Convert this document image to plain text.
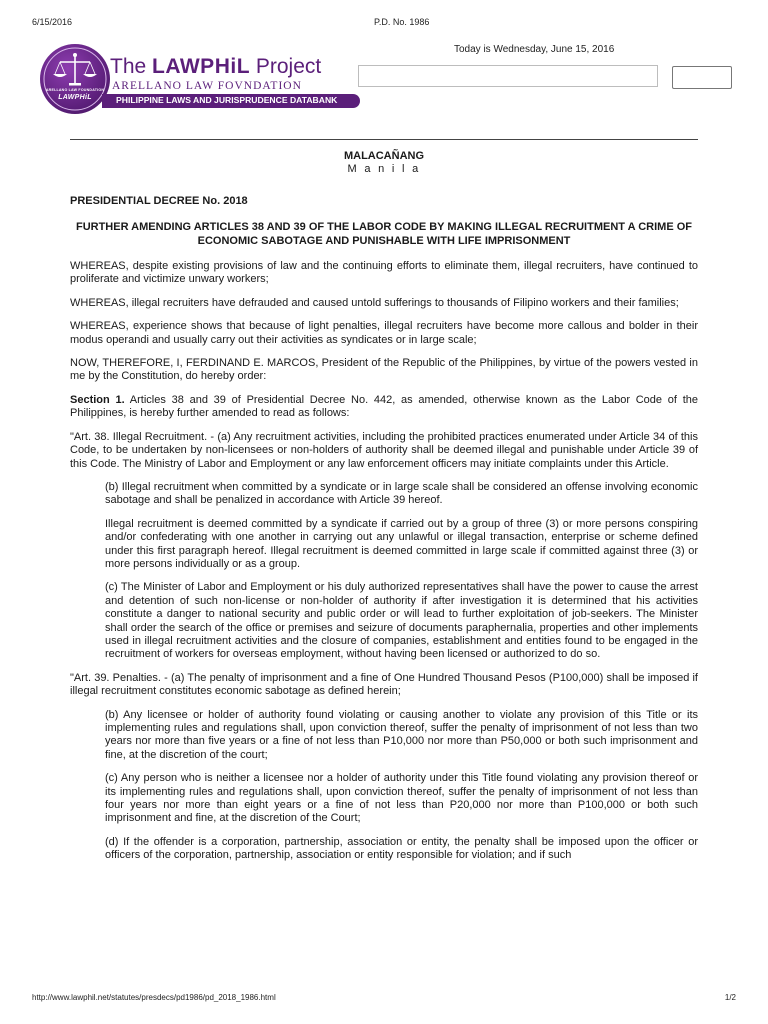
6/15/2016	P.D. No. 1986
ARELLANO LAW FOUNDATION
LAWPHiL
The LAWPHiL Project
ARELLANO LAW FOVNDATION
PHILIPPINE LAWS AND JURISPRUDENCE DATABANK
Today is Wednesday, June 15, 2016

MALACAÑANG

M a n i l a

PRESIDENTIAL DECREE No. 2018

FURTHER AMENDING ARTICLES 38 AND 39 OF THE LABOR CODE BY MAKING ILLEGAL RECRUITMENT A CRIME OF ECONOMIC SABOTAGE AND PUNISHABLE WITH LIFE IMPRISONMENT

WHEREAS, despite existing provisions of law and the continuing efforts to eliminate them, illegal recruiters, have continued to proliferate and victimize unwary workers;

WHEREAS, illegal recruiters have defrauded and caused untold sufferings to thousands of Filipino workers and their families;

WHEREAS, experience shows that because of light penalties, illegal recruiters have become more callous and bolder in their modus operandi and usually carry out their activities as syndicates or in large scale;

NOW, THEREFORE, I, FERDINAND E. MARCOS, President of the Republic of the Philippines, by virtue of the powers vested in me by the Constitution, do hereby order:

Section 1. Articles 38 and 39 of Presidential Decree No. 442, as amended, otherwise known as the Labor Code of the Philippines, is hereby further amended to read as follows:

"Art. 38. Illegal Recruitment. - (a) Any recruitment activities, including the prohibited practices enumerated under Article 34 of this Code, to be undertaken by non-licensees or non-holders of authority shall be deemed illegal and punishable under Article 39 of this Code. The Ministry of Labor and Employment or any law enforcement officers may initiate complaints under this Article.

(b) Illegal recruitment when committed by a syndicate or in large scale shall be considered an offense involving economic sabotage and shall be penalized in accordance with Article 39 hereof.

Illegal recruitment is deemed committed by a syndicate if carried out by a group of three (3) or more persons conspiring and/or confederating with one another in carrying out any unlawful or illegal transaction, enterprise or scheme defined under this first paragraph hereof. Illegal recruitment is deemed committed in large scale if committed against three (3) or more persons individually or as a group.

(c) The Minister of Labor and Employment or his duly authorized representatives shall have the power to cause the arrest and detention of such non-license or non-holder of authority if after investigation it is determined that his activities constitute a danger to national security and public order or will lead to further exploitation of job-seekers. The Minister shall order the search of the office or premises and seizure of documents paraphernalia, properties and other implements used in illegal recruitment activities and the closure of companies, establishment and entities found to be engaged in the recruitment of workers for overseas employment, without having been licensed or authorized to do so.

"Art. 39. Penalties. - (a) The penalty of imprisonment and a fine of One Hundred Thousand Pesos (P100,000) shall be imposed if illegal recruitment constitutes economic sabotage as defined herein;

(b) Any licensee or holder of authority found violating or causing another to violate any provision of this Title or its implementing rules and regulations shall, upon conviction thereof, suffer the penalty of imprisonment of not less than two years nor more than five years or a fine of not less than P10,000 nor more than P50,000 or both such imprisonment and fine, at the discretion of the court;

(c) Any person who is neither a licensee nor a holder of authority under this Title found violating any provision thereof or its implementing rules and regulations shall, upon conviction thereof, suffer the penalty of imprisonment of not less than four years nor more than eight years or a fine of not less than P20,000 nor more than P100,000 or both such imprisonment and fine, at the discretion of the Court;

(d) If the offender is a corporation, partnership, association or entity, the penalty shall be imposed upon the officer or officers of the corporation, partnership, association or entity responsible for violation; and if such

http://www.lawphil.net/statutes/presdecs/pd1986/pd_2018_1986.html	1/2
